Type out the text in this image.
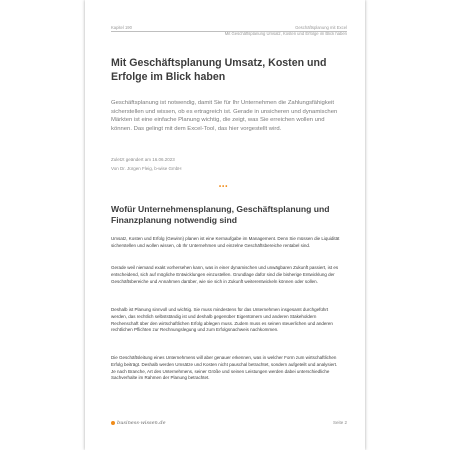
Kapitel 190	Geschäftsplanung mit Excel
Mit Geschäftsplanung Umsatz, Kosten und Erfolge im Blick haben
Mit Geschäftsplanung Umsatz, Kosten und Erfolge im Blick haben

Geschäftsplanung ist notwendig, damit Sie für Ihr Unternehmen die Zahlungsfähigkeit sicherstellen und wissen, ob es ertragreich ist. Gerade in unsicheren und dynamischen Märkten ist eine einfache Planung wichtig, die zeigt, was Sie erreichen wollen und können. Das gelingt mit dem Excel-Tool, das hier vorgestellt wird.

Zuletzt geändert am 16.06.2023

Von Dr. Jürgen Fleig, b-wise GmbH

•••
Wofür Unternehmensplanung, Geschäftsplanung und Finanzplanung notwendig sind

Umsatz, Kosten und Erfolg (Gewinn) planen ist eine Kernaufgabe im Management. Denn Sie müssen die Liquidität sicherstellen und wollen wissen, ob Ihr Unternehmen und einzelne Geschäftsbereiche rentabel sind.

Gerade weil niemand exakt vorhersehen kann, was in einer dynamischen und unwägbaren Zukunft passiert, ist es entscheidend, sich auf mögliche Entwicklungen einzustellen. Grundlage dafür sind die bisherige Entwicklung der Geschäftsbereiche und Annahmen darüber, wie sie sich in Zukunft weiterentwickeln können oder sollen.

Deshalb ist Planung sinnvoll und wichtig. Sie muss mindestens für das Unternehmen insgesamt durchgeführt werden, das rechtlich selbstständig ist und deshalb gegenüber Eigentümern und anderen Stakeholdern Rechenschaft über den wirtschaftlichen Erfolg ablegen muss. Zudem muss es seinen steuerlichen und anderen rechtlichen Pflichten zur Rechnungslegung und zum Erfolgsnachweis nachkommen.

Die Geschäftsleitung eines Unternehmens will aber genauer erkennen, was in welcher Form zum wirtschaftlichen Erfolg beiträgt. Deshalb werden Umsätze und Kosten nicht pauschal betrachtet, sondern aufgeteilt und analysiert. Je nach Branche, Art des Unternehmens, seiner Größe und seinen Leistungen werden dabei unterschiedliche Sachverhalte im Rahmen der Planung betrachtet.

business-wissen.de	Seite 2
